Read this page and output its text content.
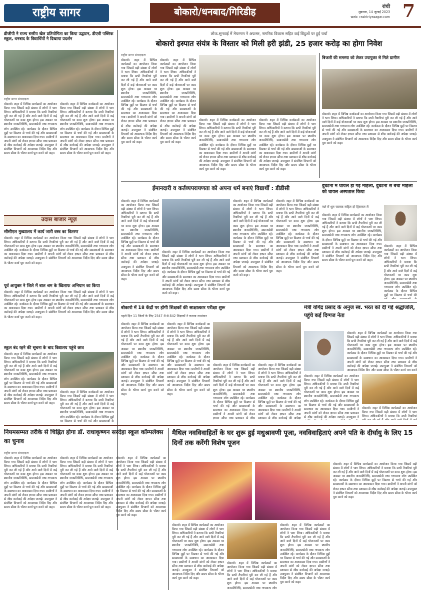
राष्ट्रीय सागर	बोकारो/धनबाद/गिरिडीह	रांची
शुक्रवार, 14 जुलाई 2023
web: rashtriyasagar.com 7
डीजीपी ने राज्य स्तरीय खेल प्रतियोगिता का किया उद्घाटन, डीएवी पब्लिक स्कूल, धनबाद के विद्यार्थियों ने दिखाया प्रदर्शन
राष्ट्रीय सागर संवाददाता
बोकारो। शहर में विभिन्न कार्यक्रमों का आयोजन किया गया जिसमें बड़ी संख्या में लोगों ने भाग लिया। अधिकारियों ने बताया कि सभी तैयारियां पूरी कर ली गई हैं और आने वाले दिनों में कई योजनाओं पर काम शुरू होगा। इस अवसर पर स्थानीय जनप्रतिनिधि, समाजसेवी तथा गणमान्य लोग उपस्थित रहे। कार्यक्रम के दौरान विभिन्न मुद्दों पर विस्तार से चर्चा की गई और समस्याओं के समाधान का आश्वासन दिया गया। ग्रामीणों ने अपनी मांगों को लेकर ज्ञापन सौंपा तथा प्रशासन से शीघ्र कार्रवाई की अपेक्षा जताई। उपायुक्त ने संबंधित विभागों को आवश्यक निर्देश दिए और समय सीमा के भीतर कार्य पूरा करने को कहा।
बोकारो। शहर में विभिन्न कार्यक्रमों का आयोजन किया गया जिसमें बड़ी संख्या में लोगों ने भाग लिया। अधिकारियों ने बताया कि सभी तैयारियां पूरी कर ली गई हैं और आने वाले दिनों में कई योजनाओं पर काम शुरू होगा। इस अवसर पर स्थानीय जनप्रतिनिधि, समाजसेवी तथा गणमान्य लोग उपस्थित रहे। कार्यक्रम के दौरान विभिन्न मुद्दों पर विस्तार से चर्चा की गई और समस्याओं के समाधान का आश्वासन दिया गया। ग्रामीणों ने अपनी मांगों को लेकर ज्ञापन सौंपा तथा प्रशासन से शीघ्र कार्रवाई की अपेक्षा जताई। उपायुक्त ने संबंधित विभागों को आवश्यक निर्देश दिए और समय सीमा के भीतर कार्य पूरा करने को कहा।
लोक-सुनवाई में मेयरगण ने अफसर, नागरिक विकास सहित कई बिंदुओं पर हुई चर्चा
बोकारो इस्पात संयंत्र के विस्तार को मिली हरी झंडी, 25 हजार करोड़ का होगा निवेश
राष्ट्रीय सागर संवाददाता
बोकारो। शहर में विभिन्न कार्यक्रमों का आयोजन किया गया जिसमें बड़ी संख्या में लोगों ने भाग लिया। अधिकारियों ने बताया कि सभी तैयारियां पूरी कर ली गई हैं और आने वाले दिनों में कई योजनाओं पर काम शुरू होगा। इस अवसर पर स्थानीय जनप्रतिनिधि, समाजसेवी तथा गणमान्य लोग उपस्थित रहे। कार्यक्रम के दौरान विभिन्न मुद्दों पर विस्तार से चर्चा की गई और समस्याओं के समाधान का आश्वासन दिया गया। ग्रामीणों ने अपनी मांगों को लेकर ज्ञापन सौंपा तथा प्रशासन से शीघ्र कार्रवाई की अपेक्षा जताई। उपायुक्त ने संबंधित विभागों को आवश्यक निर्देश दिए और समय सीमा के भीतर कार्य पूरा करने को कहा।
बोकारो। शहर में विभिन्न कार्यक्रमों का आयोजन किया गया जिसमें बड़ी संख्या में लोगों ने भाग लिया। अधिकारियों ने बताया कि सभी तैयारियां पूरी कर ली गई हैं और आने वाले दिनों में कई योजनाओं पर काम शुरू होगा। इस अवसर पर स्थानीय जनप्रतिनिधि, समाजसेवी तथा गणमान्य लोग उपस्थित रहे। कार्यक्रम के दौरान विभिन्न मुद्दों पर विस्तार से चर्चा की गई और समस्याओं के समाधान का आश्वासन दिया गया। ग्रामीणों ने अपनी मांगों को लेकर ज्ञापन सौंपा तथा प्रशासन से शीघ्र कार्रवाई की अपेक्षा जताई। उपायुक्त ने संबंधित विभागों को आवश्यक निर्देश दिए और समय सीमा के भीतर कार्य पूरा करने को कहा।
बोकारो। शहर में विभिन्न कार्यक्रमों का आयोजन किया गया जिसमें बड़ी संख्या में लोगों ने भाग लिया। अधिकारियों ने बताया कि सभी तैयारियां पूरी कर ली गई हैं और आने वाले दिनों में कई योजनाओं पर काम शुरू होगा। इस अवसर पर स्थानीय जनप्रतिनिधि, समाजसेवी तथा गणमान्य लोग उपस्थित रहे। कार्यक्रम के दौरान विभिन्न मुद्दों पर विस्तार से चर्चा की गई और समस्याओं के समाधान का आश्वासन दिया गया। ग्रामीणों ने अपनी मांगों को लेकर ज्ञापन सौंपा तथा प्रशासन से शीघ्र कार्रवाई की अपेक्षा जताई। उपायुक्त ने संबंधित विभागों को आवश्यक निर्देश दिए और समय सीमा के भीतर कार्य पूरा करने को कहा।
बोकारो। शहर में विभिन्न कार्यक्रमों का आयोजन किया गया जिसमें बड़ी संख्या में लोगों ने भाग लिया। अधिकारियों ने बताया कि सभी तैयारियां पूरी कर ली गई हैं और आने वाले दिनों में कई योजनाओं पर काम शुरू होगा। इस अवसर पर स्थानीय जनप्रतिनिधि, समाजसेवी तथा गणमान्य लोग उपस्थित रहे। कार्यक्रम के दौरान विभिन्न मुद्दों पर विस्तार से चर्चा की गई और समस्याओं के समाधान का आश्वासन दिया गया। ग्रामीणों ने अपनी मांगों को लेकर ज्ञापन सौंपा तथा प्रशासन से शीघ्र कार्रवाई की अपेक्षा जताई। उपायुक्त ने संबंधित विभागों को आवश्यक निर्देश दिए और समय सीमा के भीतर कार्य पूरा करने को कहा।
बिजली की समस्या को लेकर उपायुक्त से मिले ग्रामीण
बोकारो। शहर में विभिन्न कार्यक्रमों का आयोजन किया गया जिसमें बड़ी संख्या में लोगों ने भाग लिया। अधिकारियों ने बताया कि सभी तैयारियां पूरी कर ली गई हैं और आने वाले दिनों में कई योजनाओं पर काम शुरू होगा। इस अवसर पर स्थानीय जनप्रतिनिधि, समाजसेवी तथा गणमान्य लोग उपस्थित रहे। कार्यक्रम के दौरान विभिन्न मुद्दों पर विस्तार से चर्चा की गई और समस्याओं के समाधान का आश्वासन दिया गया। ग्रामीणों ने अपनी मांगों को लेकर ज्ञापन सौंपा तथा प्रशासन से शीघ्र कार्रवाई की अपेक्षा जताई। उपायुक्त ने संबंधित विभागों को आवश्यक निर्देश दिए और समय सीमा के भीतर कार्य पूरा करने को कहा।
ईमानदारी व कर्तव्यपरायणता को अपना धर्म बनाएं विद्यार्थी : डीडीसी
बोकारो। शहर में विभिन्न कार्यक्रमों का आयोजन किया गया जिसमें बड़ी संख्या में लोगों ने भाग लिया। अधिकारियों ने बताया कि सभी तैयारियां पूरी कर ली गई हैं और आने वाले दिनों में कई योजनाओं पर काम शुरू होगा। इस अवसर पर स्थानीय जनप्रतिनिधि, समाजसेवी तथा गणमान्य लोग उपस्थित रहे। कार्यक्रम के दौरान विभिन्न मुद्दों पर विस्तार से चर्चा की गई और समस्याओं के समाधान का आश्वासन दिया गया। ग्रामीणों ने अपनी मांगों को लेकर ज्ञापन सौंपा तथा प्रशासन से शीघ्र कार्रवाई की अपेक्षा जताई। उपायुक्त ने संबंधित विभागों को आवश्यक निर्देश दिए और समय सीमा के भीतर कार्य पूरा करने को कहा।
बोकारो। शहर में विभिन्न कार्यक्रमों का आयोजन किया गया जिसमें बड़ी संख्या में लोगों ने भाग लिया। अधिकारियों ने बताया कि सभी तैयारियां पूरी कर ली गई हैं और आने वाले दिनों में कई योजनाओं पर काम शुरू होगा। इस अवसर पर स्थानीय जनप्रतिनिधि, समाजसेवी तथा गणमान्य लोग उपस्थित रहे। कार्यक्रम के दौरान विभिन्न मुद्दों पर विस्तार से चर्चा की गई और समस्याओं के समाधान का आश्वासन दिया गया। ग्रामीणों ने अपनी मांगों को लेकर ज्ञापन सौंपा तथा प्रशासन से शीघ्र कार्रवाई की अपेक्षा जताई। उपायुक्त ने संबंधित विभागों को आवश्यक निर्देश दिए और समय सीमा के भीतर कार्य पूरा करने को कहा।
बोकारो। शहर में विभिन्न कार्यक्रमों का आयोजन किया गया जिसमें बड़ी संख्या में लोगों ने भाग लिया। अधिकारियों ने बताया कि सभी तैयारियां पूरी कर ली गई हैं और आने वाले दिनों में कई योजनाओं पर काम शुरू होगा। इस अवसर पर स्थानीय जनप्रतिनिधि, समाजसेवी तथा गणमान्य लोग उपस्थित रहे। कार्यक्रम के दौरान विभिन्न मुद्दों पर विस्तार से चर्चा की गई और समस्याओं के समाधान का आश्वासन दिया गया। ग्रामीणों ने अपनी मांगों को लेकर ज्ञापन सौंपा तथा प्रशासन से शीघ्र कार्रवाई की अपेक्षा जताई। उपायुक्त ने संबंधित विभागों को आवश्यक निर्देश दिए और समय सीमा के भीतर कार्य पूरा करने को कहा।
बोकारो। शहर में विभिन्न कार्यक्रमों का आयोजन किया गया जिसमें बड़ी संख्या में लोगों ने भाग लिया। अधिकारियों ने बताया कि सभी तैयारियां पूरी कर ली गई हैं और आने वाले दिनों में कई योजनाओं पर काम शुरू होगा। इस अवसर पर स्थानीय जनप्रतिनिधि, समाजसेवी तथा गणमान्य लोग उपस्थित रहे। कार्यक्रम के दौरान विभिन्न मुद्दों पर विस्तार से चर्चा की गई और समस्याओं के समाधान का आश्वासन दिया गया। ग्रामीणों ने अपनी मांगों को लेकर ज्ञापन सौंपा तथा प्रशासन से शीघ्र कार्रवाई की अपेक्षा जताई। उपायुक्त ने संबंधित विभागों को आवश्यक निर्देश दिए और समय सीमा के भीतर कार्य पूरा करने को कहा।
दुर्घटना में घायल हो गई महिला, दुर्घटना से बची महिला को घायल अस्पताल किया
नशे में धुत चालक सहित दो हिरासत में
बोकारो। शहर में विभिन्न कार्यक्रमों का आयोजन किया गया जिसमें बड़ी संख्या में लोगों ने भाग लिया। अधिकारियों ने बताया कि सभी तैयारियां पूरी कर ली गई हैं और आने वाले दिनों में कई योजनाओं पर काम शुरू होगा। इस अवसर पर स्थानीय जनप्रतिनिधि, समाजसेवी तथा गणमान्य लोग उपस्थित रहे। कार्यक्रम के दौरान विभिन्न मुद्दों पर विस्तार से चर्चा की गई और समस्याओं के समाधान का आश्वासन दिया गया। ग्रामीणों ने अपनी मांगों को लेकर ज्ञापन सौंपा तथा प्रशासन से शीघ्र कार्रवाई की अपेक्षा जताई। उपायुक्त ने संबंधित विभागों को आवश्यक निर्देश दिए और समय सीमा के भीतर कार्य पूरा करने को कहा।
बोकारो। शहर में विभिन्न कार्यक्रमों का आयोजन किया गया जिसमें बड़ी संख्या में लोगों ने भाग लिया। अधिकारियों ने बताया कि सभी तैयारियां पूरी कर ली गई हैं और आने वाले दिनों में कई योजनाओं पर काम शुरू होगा। इस अवसर पर स्थानीय जनप्रतिनिधि, समाजसेवी तथा गणमान्य लोग उपस्थित रहे। कार्यक्रम के दौरान विभिन्न मुद्दों पर विस्तार से चर्चा की
उदास बाजार न्यूज़
सीसीएल मुख्यालय में कार्य जारी वस्त्र का वितरण
बोकारो। शहर में विभिन्न कार्यक्रमों का आयोजन किया गया जिसमें बड़ी संख्या में लोगों ने भाग लिया। अधिकारियों ने बताया कि सभी तैयारियां पूरी कर ली गई हैं और आने वाले दिनों में कई योजनाओं पर काम शुरू होगा। इस अवसर पर स्थानीय जनप्रतिनिधि, समाजसेवी तथा गणमान्य लोग उपस्थित रहे। कार्यक्रम के दौरान विभिन्न मुद्दों पर विस्तार से चर्चा की गई और समस्याओं के समाधान का आश्वासन दिया गया। ग्रामीणों ने अपनी मांगों को लेकर ज्ञापन सौंपा तथा प्रशासन से शीघ्र कार्रवाई की अपेक्षा जताई। उपायुक्त ने संबंधित विभागों को आवश्यक निर्देश दिए और समय सीमा के भीतर कार्य पूरा करने को कहा।
पूर्व आयुक्त ने जिले में बाल श्रम के खिलाफ अभियान का किया
बोकारो। शहर में विभिन्न कार्यक्रमों का आयोजन किया गया जिसमें बड़ी संख्या में लोगों ने भाग लिया। अधिकारियों ने बताया कि सभी तैयारियां पूरी कर ली गई हैं और आने वाले दिनों में कई योजनाओं पर काम शुरू होगा। इस अवसर पर स्थानीय जनप्रतिनिधि, समाजसेवी तथा गणमान्य लोग उपस्थित रहे। कार्यक्रम के दौरान विभिन्न मुद्दों पर विस्तार से चर्चा की गई और समस्याओं के समाधान का आश्वासन दिया गया। ग्रामीणों ने अपनी मांगों को लेकर ज्ञापन सौंपा तथा प्रशासन से शीघ्र कार्रवाई की अपेक्षा जताई। उपायुक्त ने संबंधित विभागों को आवश्यक निर्देश दिए और समय सीमा के भीतर कार्य पूरा करने को कहा।
स्कूल बंद रहने की सूचना के बाद विद्यालय पहुंचे छात्र
बोकारो। शहर में विभिन्न कार्यक्रमों का आयोजन किया गया जिसमें बड़ी संख्या में लोगों ने भाग लिया। अधिकारियों ने बताया कि सभी तैयारियां पूरी कर ली गई हैं और आने वाले दिनों में कई योजनाओं पर काम शुरू होगा। इस अवसर पर स्थानीय जनप्रतिनिधि, समाजसेवी तथा गणमान्य लोग उपस्थित रहे। कार्यक्रम के दौरान विभिन्न मुद्दों पर विस्तार से चर्चा की गई और समस्याओं के समाधान का आश्वासन दिया गया। ग्रामीणों ने अपनी मांगों को लेकर ज्ञापन सौंपा तथा प्रशासन से शीघ्र कार्रवाई की अपेक्षा जताई। उपायुक्त ने संबंधित विभागों को आवश्यक निर्देश दिए और समय सीमा के भीतर कार्य पूरा करने को कहा।
बोकारो। शहर में विभिन्न कार्यक्रमों का आयोजन किया गया जिसमें बड़ी संख्या में लोगों ने भाग लिया। अधिकारियों ने बताया कि सभी तैयारियां पूरी कर ली गई हैं और आने वाले दिनों में कई योजनाओं पर काम शुरू होगा। इस अवसर पर स्थानीय जनप्रतिनिधि, समाजसेवी तथा गणमान्य लोग उपस्थित रहे। कार्यक्रम के दौरान विभिन्न मुद्दों पर विस्तार से चर्चा की गई और समस्याओं के
बोकारो में 18 केंद्रों पर होगी शिक्षकों की साक्षात्कार परीक्षा शुरू
पहले दिन 11 जिलों के लिए 2547 में से 842 शिक्षकों ने कराया नामांकन
बोकारो। शहर में विभिन्न कार्यक्रमों का आयोजन किया गया जिसमें बड़ी संख्या में लोगों ने भाग लिया। अधिकारियों ने बताया कि सभी तैयारियां पूरी कर ली गई हैं और आने वाले दिनों में कई योजनाओं पर काम शुरू होगा। इस अवसर पर स्थानीय जनप्रतिनिधि, समाजसेवी तथा गणमान्य लोग उपस्थित रहे। कार्यक्रम के दौरान विभिन्न मुद्दों पर विस्तार से चर्चा की गई और समस्याओं के समाधान का आश्वासन दिया गया। ग्रामीणों ने अपनी मांगों को लेकर ज्ञापन सौंपा तथा प्रशासन से शीघ्र कार्रवाई की अपेक्षा जताई। उपायुक्त ने संबंधित विभागों को आवश्यक निर्देश दिए और समय सीमा के भीतर कार्य पूरा करने को कहा।
बोकारो। शहर में विभिन्न कार्यक्रमों का आयोजन किया गया जिसमें बड़ी संख्या में लोगों ने भाग लिया। अधिकारियों ने बताया कि सभी तैयारियां पूरी कर ली गई हैं और आने वाले दिनों में कई योजनाओं पर काम शुरू होगा। इस अवसर पर स्थानीय जनप्रतिनिधि, समाजसेवी तथा गणमान्य लोग उपस्थित रहे। कार्यक्रम के दौरान विभिन्न मुद्दों पर विस्तार से चर्चा की गई और समस्याओं के समाधान का आश्वासन दिया गया। ग्रामीणों ने अपनी मांगों को लेकर ज्ञापन सौंपा तथा प्रशासन से शीघ्र कार्रवाई की अपेक्षा जताई। उपायुक्त ने संबंधित विभागों को आवश्यक निर्देश दिए और समय सीमा के भीतर कार्य पूरा करने को कहा।
बोकारो। शहर में विभिन्न कार्यक्रमों का आयोजन किया गया जिसमें बड़ी संख्या में लोगों ने भाग लिया। अधिकारियों ने बताया कि सभी तैयारियां पूरी कर ली गई हैं और आने वाले दिनों में कई योजनाओं पर काम शुरू होगा। इस अवसर पर स्थानीय जनप्रतिनिधि, समाजसेवी तथा गणमान्य लोग उपस्थित रहे। कार्यक्रम के दौरान विभिन्न मुद्दों पर विस्तार से चर्चा की गई और समस्याओं के समाधान का आश्वासन दिया गया। ग्रामीणों ने अपनी मांगों को लेकर ज्ञापन सौंपा तथा प्रशासन से शीघ्र
बोकारो। शहर में विभिन्न कार्यक्रमों का आयोजन किया गया जिसमें बड़ी संख्या में लोगों ने भाग लिया। अधिकारियों ने बताया कि सभी तैयारियां पूरी कर ली गई हैं और आने वाले दिनों में कई योजनाओं पर काम शुरू होगा। इस अवसर पर स्थानीय जनप्रतिनिधि, समाजसेवी तथा गणमान्य लोग उपस्थित रहे। कार्यक्रम के दौरान विभिन्न मुद्दों पर विस्तार से चर्चा की गई और समस्याओं के समाधान का आश्वासन दिया गया। ग्रामीणों ने अपनी मांगों को लेकर ज्ञापन सौंपा तथा प्रशासन से शीघ्र कार्रवाई की अपेक्षा
मंत्री योगेंद्र प्रसाद के अनुज स्व. भरत को दी गई श्रद्धांजलि, पहुंचे कई दिग्गज नेता
बोकारो। शहर में विभिन्न कार्यक्रमों का आयोजन किया गया जिसमें बड़ी संख्या में लोगों ने भाग लिया। अधिकारियों ने बताया कि सभी तैयारियां पूरी कर ली गई हैं और आने वाले दिनों में कई योजनाओं पर काम शुरू होगा। इस अवसर पर स्थानीय जनप्रतिनिधि, समाजसेवी तथा गणमान्य लोग उपस्थित रहे। कार्यक्रम के दौरान विभिन्न मुद्दों पर विस्तार से चर्चा की गई और समस्याओं के समाधान का आश्वासन दिया गया। ग्रामीणों ने अपनी मांगों को लेकर ज्ञापन सौंपा तथा प्रशासन से शीघ्र कार्रवाई की अपेक्षा जताई। उपायुक्त ने संबंधित विभागों को आवश्यक निर्देश दिए और समय सीमा के भीतर कार्य पूरा करने
बोकारो। शहर में विभिन्न कार्यक्रमों का आयोजन किया गया जिसमें बड़ी संख्या में लोगों ने भाग लिया। अधिकारियों ने बताया कि सभी तैयारियां पूरी कर ली गई हैं और आने वाले दिनों में कई योजनाओं पर काम शुरू होगा। इस अवसर पर स्थानीय जनप्रतिनिधि, समाजसेवी तथा गणमान्य लोग उपस्थित रहे। कार्यक्रम के दौरान विभिन्न मुद्दों पर विस्तार से चर्चा की गई और समस्याओं के समाधान का आश्वासन दिया गया। ग्रामीणों ने अपनी मांगों को लेकर ज्ञापन सौंपा तथा प्रशासन से शीघ्र कार्रवाई की अपेक्षा जताई। उपायुक्त ने
बोकारो। शहर में विभिन्न कार्यक्रमों का आयोजन किया गया जिसमें बड़ी संख्या में लोगों ने भाग लिया। अधिकारियों ने बताया कि सभी तैयारियां
नियमसम्मत तरीके से चिह्नित होगा डॉ. राधाकृष्णन सरदेहा स्कूल कॉम्पलेक्स का चुनाव
राष्ट्रीय सागर संवाददाता
बोकारो। शहर में विभिन्न कार्यक्रमों का आयोजन किया गया जिसमें बड़ी संख्या में लोगों ने भाग लिया। अधिकारियों ने बताया कि सभी तैयारियां पूरी कर ली गई हैं और आने वाले दिनों में कई योजनाओं पर काम शुरू होगा। इस अवसर पर स्थानीय जनप्रतिनिधि, समाजसेवी तथा गणमान्य लोग उपस्थित रहे। कार्यक्रम के दौरान विभिन्न मुद्दों पर विस्तार से चर्चा की गई और समस्याओं के समाधान का आश्वासन दिया गया। ग्रामीणों ने अपनी मांगों को लेकर ज्ञापन सौंपा तथा प्रशासन से शीघ्र कार्रवाई की अपेक्षा जताई। उपायुक्त ने संबंधित विभागों को आवश्यक निर्देश दिए और समय सीमा के भीतर कार्य पूरा करने को कहा।
बोकारो। शहर में विभिन्न कार्यक्रमों का आयोजन किया गया जिसमें बड़ी संख्या में लोगों ने भाग लिया। अधिकारियों ने बताया कि सभी तैयारियां पूरी कर ली गई हैं और आने वाले दिनों में कई योजनाओं पर काम शुरू होगा। इस अवसर पर स्थानीय जनप्रतिनिधि, समाजसेवी तथा गणमान्य लोग उपस्थित रहे। कार्यक्रम के दौरान विभिन्न मुद्दों पर विस्तार से चर्चा की गई और समस्याओं के समाधान का आश्वासन दिया गया। ग्रामीणों ने अपनी मांगों को लेकर ज्ञापन सौंपा तथा प्रशासन से शीघ्र कार्रवाई की अपेक्षा जताई। उपायुक्त ने संबंधित विभागों को आवश्यक निर्देश दिए और समय सीमा के भीतर कार्य पूरा करने को कहा।
बोकारो। शहर में विभिन्न कार्यक्रमों का आयोजन किया गया जिसमें बड़ी संख्या में लोगों ने भाग लिया। अधिकारियों ने बताया कि सभी तैयारियां पूरी कर ली गई हैं और आने वाले दिनों में कई योजनाओं पर काम शुरू होगा। इस अवसर पर स्थानीय जनप्रतिनिधि, समाजसेवी तथा गणमान्य लोग उपस्थित रहे। कार्यक्रम के दौरान विभिन्न मुद्दों पर विस्तार से चर्चा की गई और समस्याओं के समाधान का आश्वासन दिया गया। ग्रामीणों ने अपनी मांगों को लेकर ज्ञापन सौंपा तथा प्रशासन से शीघ्र कार्रवाई की अपेक्षा जताई। उपायुक्त ने संबंधित विभागों को आवश्यक निर्देश दिए और समय सीमा के भीतर कार्य पूरा करने को कहा।
मैथिल नवविवाहितों के घर शुरू हुई मधुश्रावणी पूजा, नवविवाहिताएं अपने पति के दीर्घायु के लिए 15 दिनों तक करेंगी विशेष पूजन
बोकारो। शहर में विभिन्न कार्यक्रमों का आयोजन किया गया जिसमें बड़ी संख्या में लोगों ने भाग लिया। अधिकारियों ने बताया कि सभी तैयारियां पूरी कर ली गई हैं और आने वाले दिनों में कई योजनाओं पर काम शुरू होगा। इस अवसर पर स्थानीय जनप्रतिनिधि, समाजसेवी तथा गणमान्य लोग उपस्थित रहे। कार्यक्रम के दौरान विभिन्न मुद्दों पर विस्तार से चर्चा की गई और समस्याओं के समाधान का आश्वासन दिया गया। ग्रामीणों ने अपनी मांगों को लेकर ज्ञापन सौंपा तथा प्रशासन से शीघ्र कार्रवाई की अपेक्षा जताई। उपायुक्त ने संबंधित विभागों को आवश्यक निर्देश दिए और समय सीमा के भीतर कार्य पूरा करने को कहा।
बोकारो। शहर में विभिन्न कार्यक्रमों का आयोजन किया गया जिसमें बड़ी संख्या में लोगों ने भाग लिया। अधिकारियों ने बताया कि सभी तैयारियां पूरी कर ली गई हैं और आने वाले दिनों में कई योजनाओं पर काम शुरू होगा। इस अवसर पर स्थानीय जनप्रतिनिधि, समाजसेवी तथा गणमान्य लोग उपस्थित रहे। कार्यक्रम के दौरान विभिन्न मुद्दों पर विस्तार से चर्चा की गई और समस्याओं के समाधान का आश्वासन दिया गया। ग्रामीणों ने अपनी मांगों को लेकर ज्ञापन सौंपा तथा प्रशासन से शीघ्र कार्रवाई की अपेक्षा जताई। उपायुक्त ने संबंधित विभागों को आवश्यक निर्देश दिए और समय सीमा के भीतर कार्य पूरा करने को कहा।
बोकारो। शहर में विभिन्न कार्यक्रमों का आयोजन किया गया जिसमें बड़ी संख्या में लोगों ने भाग लिया। अधिकारियों ने बताया कि सभी तैयारियां पूरी कर ली गई हैं और आने वाले दिनों में कई योजनाओं पर काम शुरू होगा। इस अवसर पर स्थानीय जनप्रतिनिधि, समाजसेवी तथा गणमान्य लोग
बोकारो। शहर में विभिन्न कार्यक्रमों का आयोजन किया गया जिसमें बड़ी संख्या में लोगों ने भाग लिया। अधिकारियों ने बताया कि सभी तैयारियां पूरी कर ली गई हैं और आने वाले दिनों में कई योजनाओं पर काम शुरू होगा। इस अवसर पर स्थानीय जनप्रतिनिधि, समाजसेवी तथा गणमान्य लोग उपस्थित रहे। कार्यक्रम के दौरान विभिन्न मुद्दों पर विस्तार से चर्चा की गई और समस्याओं के समाधान का आश्वासन दिया गया। ग्रामीणों ने अपनी मांगों को लेकर ज्ञापन सौंपा तथा प्रशासन से शीघ्र कार्रवाई की अपेक्षा जताई। उपायुक्त ने संबंधित विभागों को आवश्यक निर्देश दिए और समय सीमा के भीतर कार्य पूरा करने को कहा।
